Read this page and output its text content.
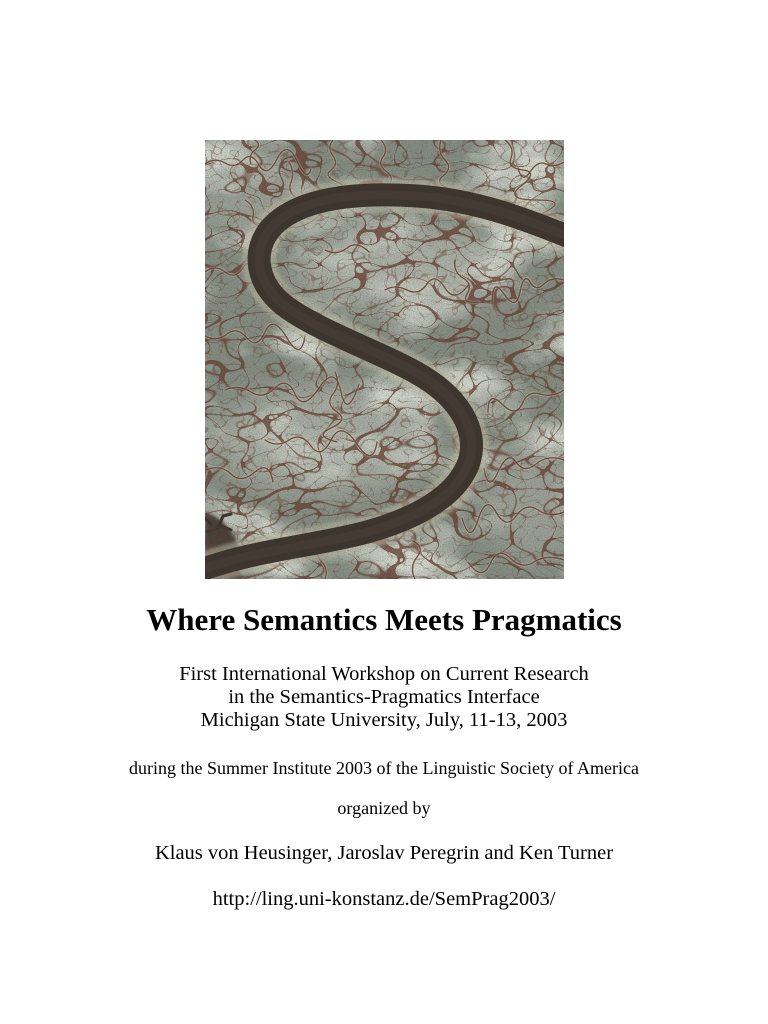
Where Semantics Meets Pragmatics
First International Workshop on Current Research
in the Semantics-Pragmatics Interface
Michigan State University, July, 11-13, 2003
during the Summer Institute 2003 of the Linguistic Society of America
organized by
Klaus von Heusinger, Jaroslav Peregrin and Ken Turner
http://ling.uni-konstanz.de/SemPrag2003/
